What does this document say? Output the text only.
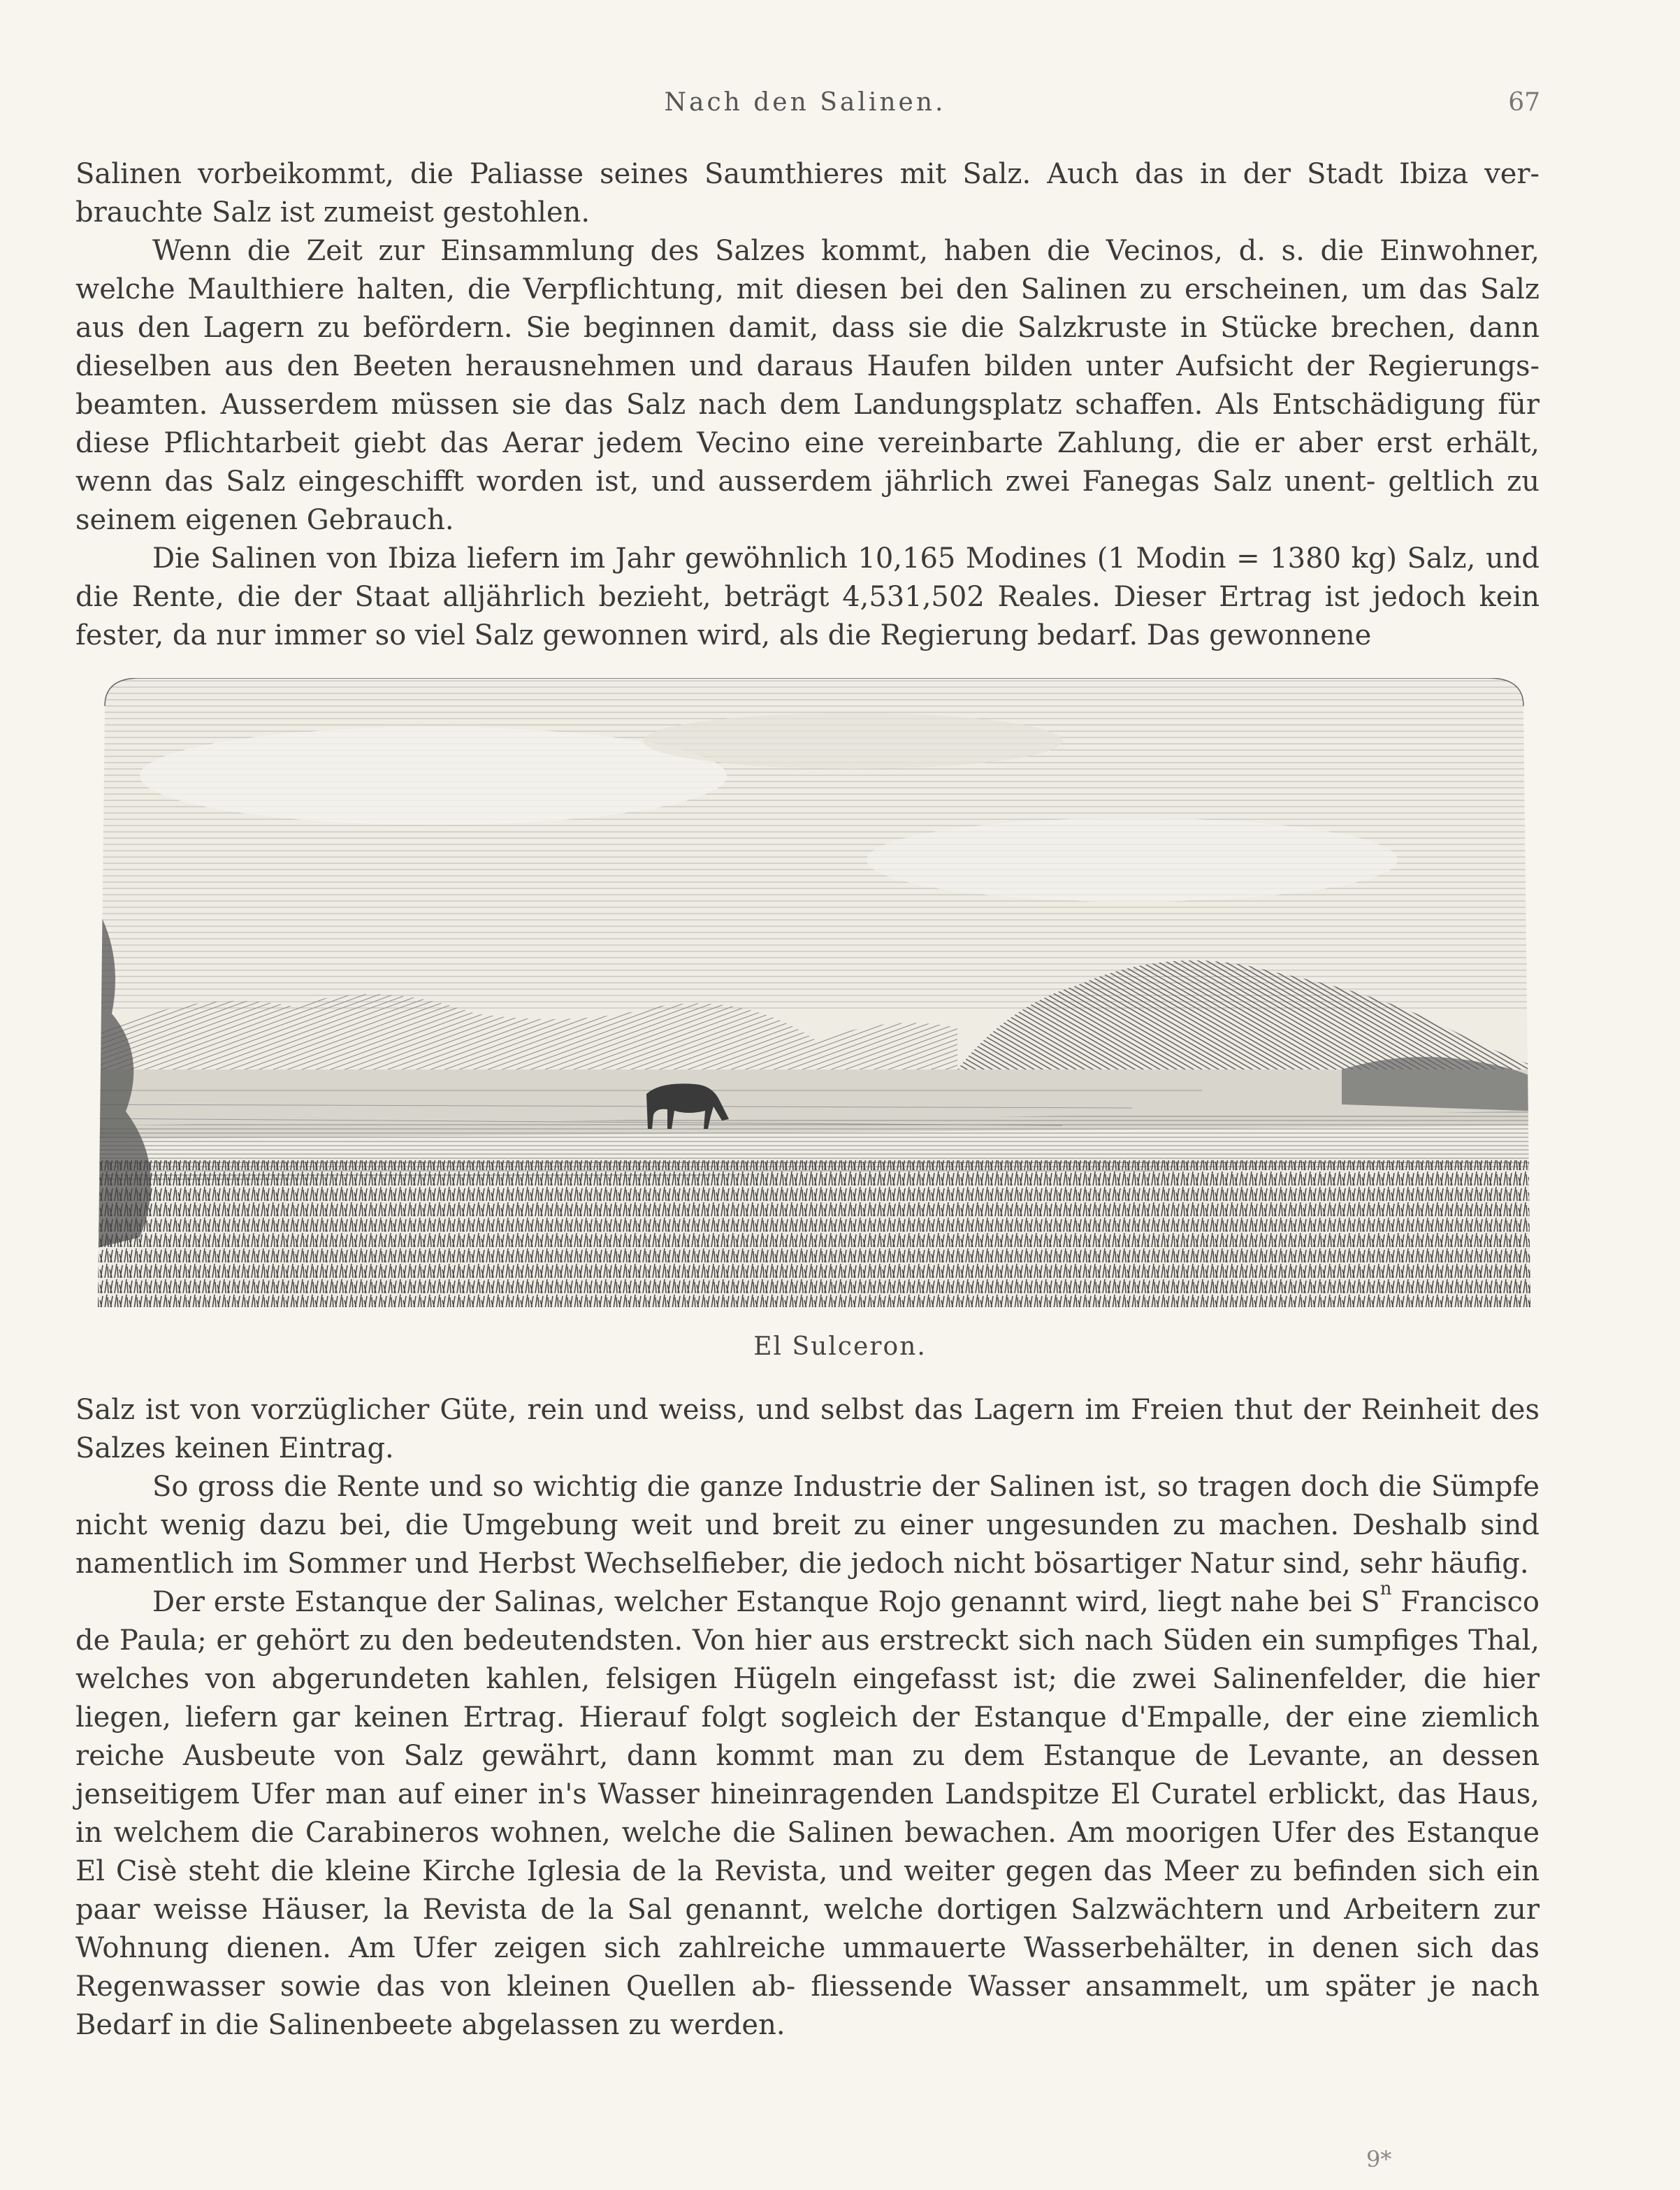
Nach den Salinen.	67

Salinen vorbeikommt, die Paliasse seines Saumthieres mit Salz. Auch das in der Stadt Ibiza ver- brauchte Salz ist zumeist gestohlen.

Wenn die Zeit zur Einsammlung des Salzes kommt, haben die Vecinos, d. s. die Einwohner, welche Maulthiere halten, die Verpflichtung, mit diesen bei den Salinen zu erscheinen, um das Salz aus den Lagern zu befördern. Sie beginnen damit, dass sie die Salzkruste in Stücke brechen, dann dieselben aus den Beeten herausnehmen und daraus Haufen bilden unter Aufsicht der Regierungs- beamten. Ausserdem müssen sie das Salz nach dem Landungsplatz schaffen. Als Entschädigung für diese Pflichtarbeit giebt das Aerar jedem Vecino eine vereinbarte Zahlung, die er aber erst erhält, wenn das Salz eingeschifft worden ist, und ausserdem jährlich zwei Fanegas Salz unent- geltlich zu seinem eigenen Gebrauch.

Die Salinen von Ibiza liefern im Jahr gewöhnlich 10,165 Modines (1 Modin = 1380 kg) Salz, und die Rente, die der Staat alljährlich bezieht, beträgt 4,531,502 Reales. Dieser Ertrag ist jedoch kein fester, da nur immer so viel Salz gewonnen wird, als die Regierung bedarf. Das gewonnene

El Sulceron.

Salz ist von vorzüglicher Güte, rein und weiss, und selbst das Lagern im Freien thut der Reinheit des Salzes keinen Eintrag.

So gross die Rente und so wichtig die ganze Industrie der Salinen ist, so tragen doch die Sümpfe nicht wenig dazu bei, die Umgebung weit und breit zu einer ungesunden zu machen. Deshalb sind namentlich im Sommer und Herbst Wechselfieber, die jedoch nicht bösartiger Natur sind, sehr häufig.

Der erste Estanque der Salinas, welcher Estanque Rojo genannt wird, liegt nahe bei $S^n$ Francisco de Paula; er gehört zu den bedeutendsten. Von hier aus erstreckt sich nach Süden ein sumpfiges Thal, welches von abgerundeten kahlen, felsigen Hügeln eingefasst ist; die zwei Salinenfelder, die hier liegen, liefern gar keinen Ertrag. Hierauf folgt sogleich der Estanque d'Empalle, der eine ziemlich reiche Ausbeute von Salz gewährt, dann kommt man zu dem Estanque de Levante, an dessen jenseitigem Ufer man auf einer in's Wasser hineinragenden Landspitze El Curatel erblickt, das Haus, in welchem die Carabineros wohnen, welche die Salinen bewachen. Am moorigen Ufer des Estanque El Cisè steht die kleine Kirche Iglesia de la Revista, und weiter gegen das Meer zu befinden sich ein paar weisse Häuser, la Revista de la Sal genannt, welche dortigen Salzwächtern und Arbeitern zur Wohnung dienen. Am Ufer zeigen sich zahlreiche ummauerte Wasserbehälter, in denen sich das Regenwasser sowie das von kleinen Quellen ab- fliessende Wasser ansammelt, um später je nach Bedarf in die Salinenbeete abgelassen zu werden.

9*
